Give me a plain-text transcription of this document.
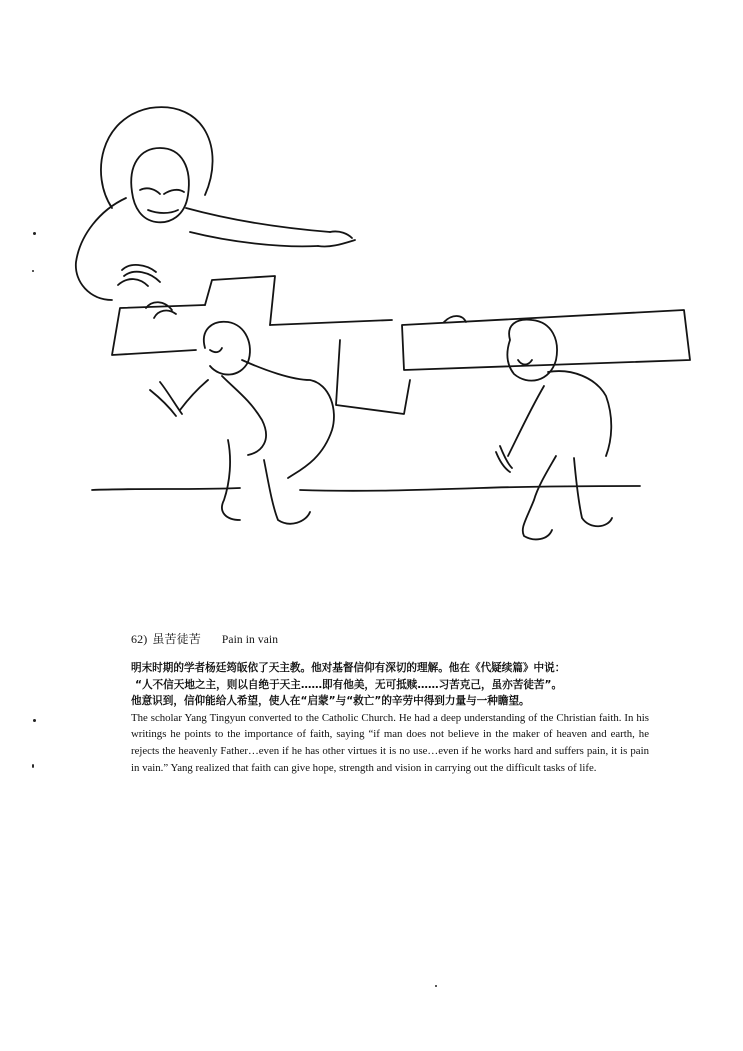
62) 虽苦徒苦 Pain in vain
明末时期的学者杨廷筠皈依了天主教。他对基督信仰有深切的理解。他在《代疑续篇》中说：
“人不信天地之主，则以自绝于天主……即有他美，无可抵赎……习苦克己，虽亦苦徒苦”。
他意识到，信仰能给人希望，使人在“启蒙”与“救亡”的辛劳中得到力量与一种瞻望。
The scholar Yang Tingyun converted to the Catholic Church. He had a deep understanding of the Christian faith. In his writings he points to the importance of faith, saying “if man does not believe in the maker of heaven and earth, he rejects the heavenly Father…even if he has other virtues it is no use…even if he works hard and suffers pain, it is pain in vain.” Yang realized that faith can give hope, strength and vision in carrying out the difficult tasks of life.
